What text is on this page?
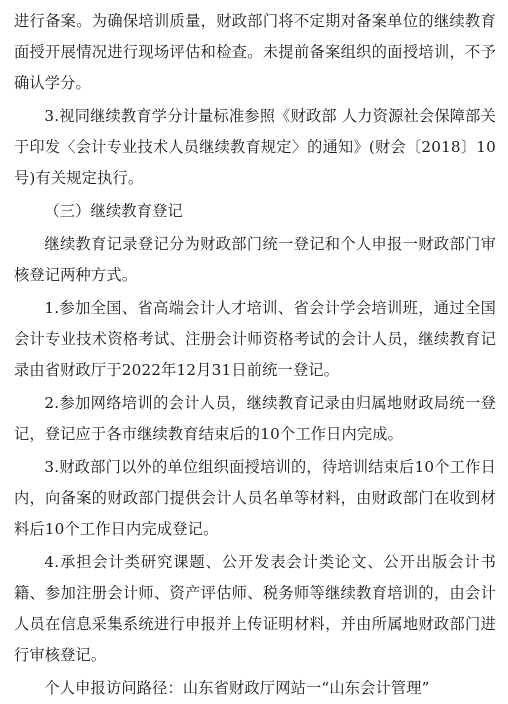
进行备案。为确保培训质量，财政部门将不定期对备案单位的继续教育面授开展情况进行现场评估和检查。未提前备案组织的面授培训，不予确认学分。

3.视同继续教育学分计量标准参照《财政部 人力资源社会保障部关于印发〈会计专业技术人员继续教育规定〉的通知》(财会〔2018〕10号)有关规定执行。

（三）继续教育登记

继续教育记录登记分为财政部门统一登记和个人申报一财政部门审核登记两种方式。

1.参加全国、省高端会计人才培训、省会计学会培训班，通过全国会计专业技术资格考试、注册会计师资格考试的会计人员，继续教育记录由省财政厅于2022年12月31日前统一登记。

2.参加网络培训的会计人员，继续教育记录由归属地财政局统一登记，登记应于各市继续教育结束后的10个工作日内完成。

3.财政部门以外的单位组织面授培训的，待培训结束后10个工作日内，向备案的财政部门提供会计人员名单等材料，由财政部门在收到材料后10个工作日内完成登记。

4.承担会计类研究课题、公开发表会计类论文、公开出版会计书籍、参加注册会计师、资产评估师、税务师等继续教育培训的，由会计人员在信息采集系统进行申报并上传证明材料，并由所属地财政部门进行审核登记。

个人申报访问路径：山东省财政厅网站一“山东会计管理”
